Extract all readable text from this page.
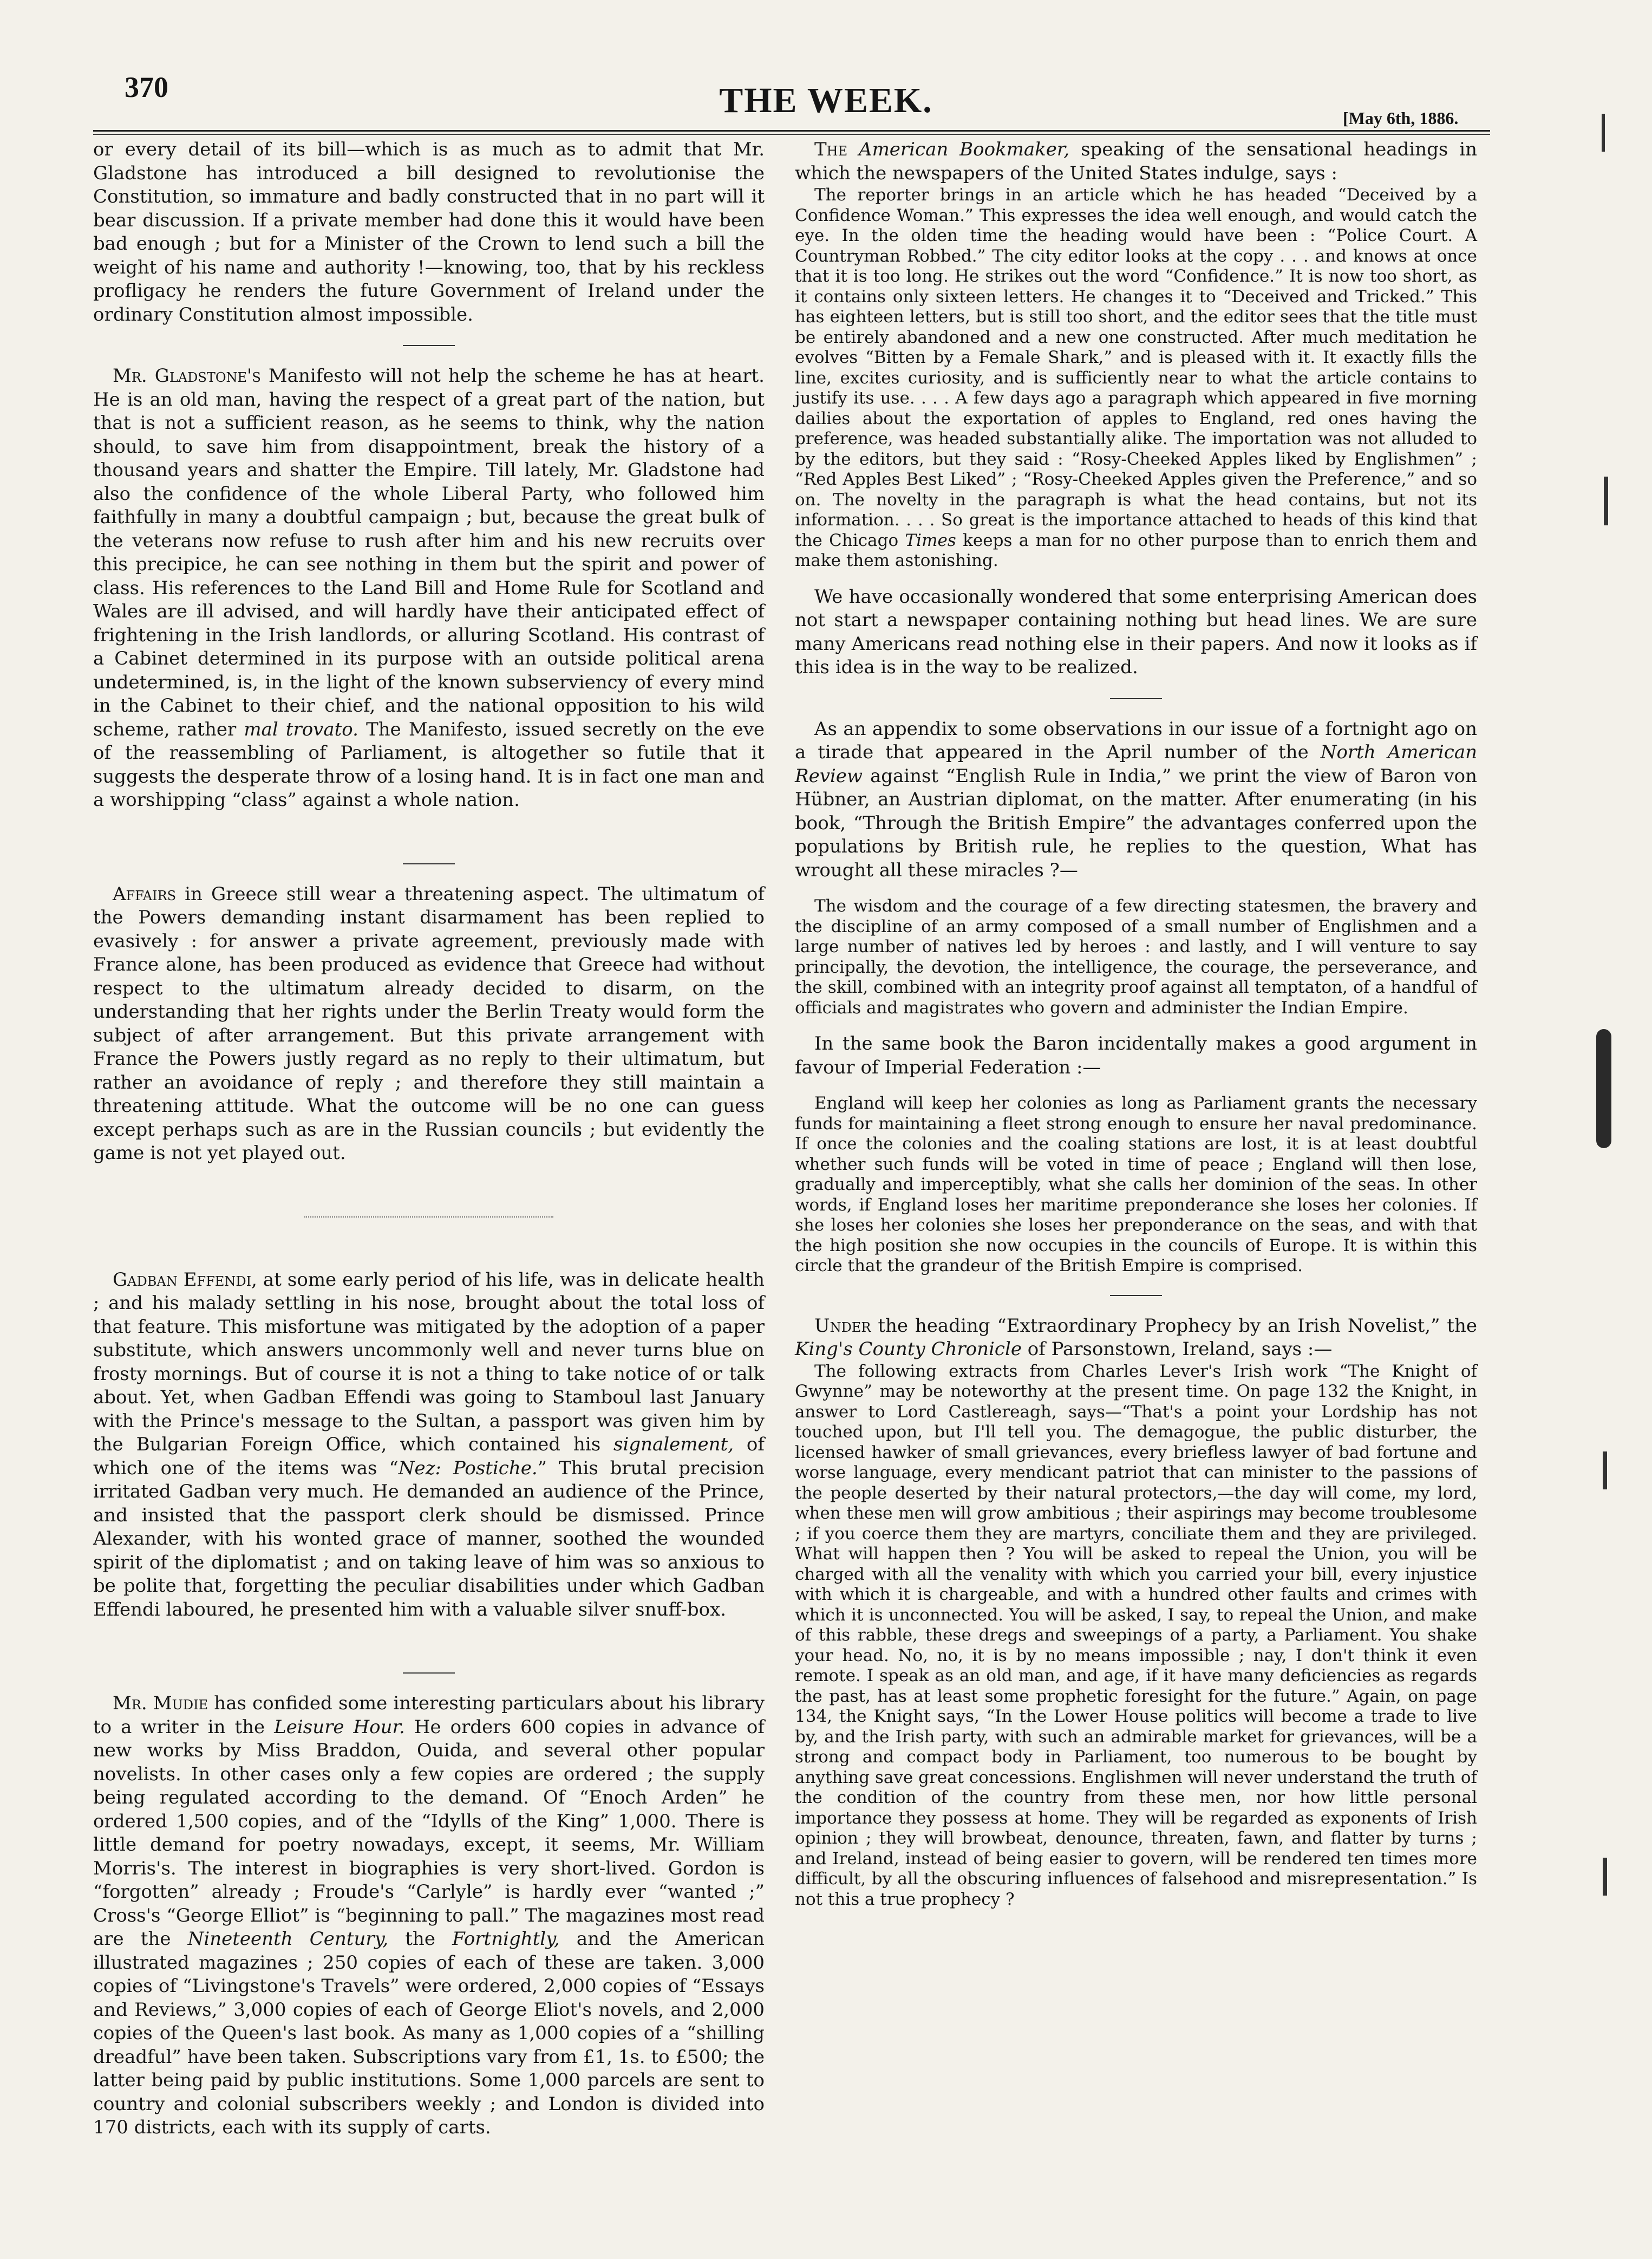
370	THE WEEK.	[May 6th, 1886.

or every detail of its bill—which is as much as to admit that Mr. Gladstone has introduced a bill designed to revolutionise the Constitution, so immature and badly constructed that in no part will it bear discussion. If a private member had done this it would have been bad enough ; but for a Minister of the Crown to lend such a bill the weight of his name and authority !—knowing, too, that by his reckless profligacy he renders the future Government of Ireland under the ordinary Constitution almost impossible.

Mr. Gladstone's Manifesto will not help the scheme he has at heart. He is an old man, having the respect of a great part of the nation, but that is not a sufficient reason, as he seems to think, why the nation should, to save him from disappointment, break the history of a thousand years and shatter the Empire. Till lately, Mr. Gladstone had also the confidence of the whole Liberal Party, who followed him faithfully in many a doubtful campaign ; but, because the great bulk of the veterans now refuse to rush after him and his new recruits over this precipice, he can see nothing in them but the spirit and power of class. His references to the Land Bill and Home Rule for Scotland and Wales are ill advised, and will hardly have their anticipated effect of frightening in the Irish landlords, or alluring Scotland. His contrast of a Cabinet determined in its purpose with an outside political arena undetermined, is, in the light of the known subserviency of every mind in the Cabinet to their chief, and the national opposition to his wild scheme, rather mal trovato. The Manifesto, issued secretly on the eve of the reassembling of Parliament, is altogether so futile that it suggests the desperate throw of a losing hand. It is in fact one man and a worshipping “class” against a whole nation.

Affairs in Greece still wear a threatening aspect. The ultimatum of the Powers demanding instant disarmament has been replied to evasively : for answer a private agreement, previously made with France alone, has been produced as evidence that Greece had without respect to the ultimatum already decided to disarm, on the understanding that her rights under the Berlin Treaty would form the subject of after arrangement. But this private arrangement with France the Powers justly regard as no reply to their ultimatum, but rather an avoidance of reply ; and therefore they still maintain a threatening attitude. What the outcome will be no one can guess except perhaps such as are in the Russian councils ; but evidently the game is not yet played out.

Gadban Effendi, at some early period of his life, was in delicate health ; and his malady settling in his nose, brought about the total loss of that feature. This misfortune was mitigated by the adoption of a paper substitute, which answers uncommonly well and never turns blue on frosty mornings. But of course it is not a thing to take notice of or talk about. Yet, when Gadban Effendi was going to Stamboul last January with the Prince's message to the Sultan, a passport was given him by the Bulgarian Foreign Office, which contained his signalement, of which one of the items was “Nez: Postiche.” This brutal precision irritated Gadban very much. He demanded an audience of the Prince, and insisted that the passport clerk should be dismissed. Prince Alexander, with his wonted grace of manner, soothed the wounded spirit of the diplomatist ; and on taking leave of him was so anxious to be polite that, forgetting the peculiar disabilities under which Gadban Effendi laboured, he presented him with a valuable silver snuff-box.

Mr. Mudie has confided some interesting particulars about his library to a writer in the Leisure Hour. He orders 600 copies in advance of new works by Miss Braddon, Ouida, and several other popular novelists. In other cases only a few copies are ordered ; the supply being regulated according to the demand. Of “Enoch Arden” he ordered 1,500 copies, and of the “Idylls of the King” 1,000. There is little demand for poetry nowadays, except, it seems, Mr. William Morris's. The interest in biographies is very short-lived. Gordon is “forgotten” already ; Froude's “Carlyle” is hardly ever “wanted ;” Cross's “George Elliot” is “beginning to pall.” The magazines most read are the Nineteenth Century, the Fortnightly, and the American illustrated magazines ; 250 copies of each of these are taken. 3,000 copies of “Livingstone's Travels” were ordered, 2,000 copies of “Essays and Reviews,” 3,000 copies of each of George Eliot's novels, and 2,000 copies of the Queen's last book. As many as 1,000 copies of a “shilling dreadful” have been taken. Subscriptions vary from £1, 1s. to £500; the latter being paid by public institutions. Some 1,000 parcels are sent to country and colonial subscribers weekly ; and London is divided into 170 districts, each with its supply of carts.

The American Bookmaker, speaking of the sensational headings in which the newspapers of the United States indulge, says :

The reporter brings in an article which he has headed “Deceived by a Confidence Woman.” This expresses the idea well enough, and would catch the eye. In the olden time the heading would have been : “Police Court. A Countryman Robbed.” The city editor looks at the copy . . . and knows at once that it is too long. He strikes out the word “Confidence.” It is now too short, as it contains only sixteen letters. He changes it to “Deceived and Tricked.” This has eighteen letters, but is still too short, and the editor sees that the title must be entirely abandoned and a new one constructed. After much meditation he evolves “Bitten by a Female Shark,” and is pleased with it. It exactly fills the line, excites curiosity, and is sufficiently near to what the article contains to justify its use. . . . A few days ago a paragraph which appeared in five morning dailies about the exportation of apples to England, red ones having the preference, was headed substantially alike. The importation was not alluded to by the editors, but they said : “Rosy-Cheeked Apples liked by Englishmen” ; “Red Apples Best Liked” ; “Rosy-Cheeked Apples given the Preference,” and so on. The novelty in the paragraph is what the head contains, but not its information. . . . So great is the importance attached to heads of this kind that the Chicago Times keeps a man for no other purpose than to enrich them and make them astonishing.

We have occasionally wondered that some enterprising American does not start a newspaper containing nothing but head lines. We are sure many Americans read nothing else in their papers. And now it looks as if this idea is in the way to be realized.

As an appendix to some observations in our issue of a fortnight ago on a tirade that appeared in the April number of the North American Review against “English Rule in India,” we print the view of Baron von Hübner, an Austrian diplomat, on the matter. After enumerating (in his book, “Through the British Empire” the advantages conferred upon the populations by British rule, he replies to the question, What has wrought all these miracles ?—

The wisdom and the courage of a few directing statesmen, the bravery and the discipline of an army composed of a small number of Englishmen and a large number of natives led by heroes : and lastly, and I will venture to say principally, the devotion, the intelligence, the courage, the perseverance, and the skill, combined with an integrity proof against all temptaton, of a handful of officials and magistrates who govern and administer the Indian Empire.

In the same book the Baron incidentally makes a good argument in favour of Imperial Federation :—

England will keep her colonies as long as Parliament grants the necessary funds for maintaining a fleet strong enough to ensure her naval predominance. If once the colonies and the coaling stations are lost, it is at least doubtful whether such funds will be voted in time of peace ; England will then lose, gradually and imperceptibly, what she calls her dominion of the seas. In other words, if England loses her maritime preponderance she loses her colonies. If she loses her colonies she loses her preponderance on the seas, and with that the high position she now occupies in the councils of Europe. It is within this circle that the grandeur of the British Empire is comprised.

Under the heading “Extraordinary Prophecy by an Irish Novelist,” the King's County Chronicle of Parsonstown, Ireland, says :—

The following extracts from Charles Lever's Irish work “The Knight of Gwynne” may be noteworthy at the present time. On page 132 the Knight, in answer to Lord Castlereagh, says—“That's a point your Lordship has not touched upon, but I'll tell you. The demagogue, the public disturber, the licensed hawker of small grievances, every briefless lawyer of bad fortune and worse language, every mendicant patriot that can minister to the passions of the people deserted by their natural protectors,—the day will come, my lord, when these men will grow ambitious ; their aspirings may become troublesome ; if you coerce them they are martyrs, conciliate them and they are privileged. What will happen then ? You will be asked to repeal the Union, you will be charged with all the venality with which you carried your bill, every injustice with which it is chargeable, and with a hundred other faults and crimes with which it is unconnected. You will be asked, I say, to repeal the Union, and make of this rabble, these dregs and sweepings of a party, a Parliament. You shake your head. No, no, it is by no means impossible ; nay, I don't think it even remote. I speak as an old man, and age, if it have many deficiencies as regards the past, has at least some prophetic foresight for the future.” Again, on page 134, the Knight says, “In the Lower House politics will become a trade to live by, and the Irish party, with such an admirable market for grievances, will be a strong and compact body in Parliament, too numerous to be bought by anything save great concessions. Englishmen will never understand the truth of the condition of the country from these men, nor how little personal importance they possess at home. They will be regarded as exponents of Irish opinion ; they will browbeat, denounce, threaten, fawn, and flatter by turns ; and Ireland, instead of being easier to govern, will be rendered ten times more difficult, by all the obscuring influences of falsehood and misrepresentation.” Is not this a true prophecy ?
